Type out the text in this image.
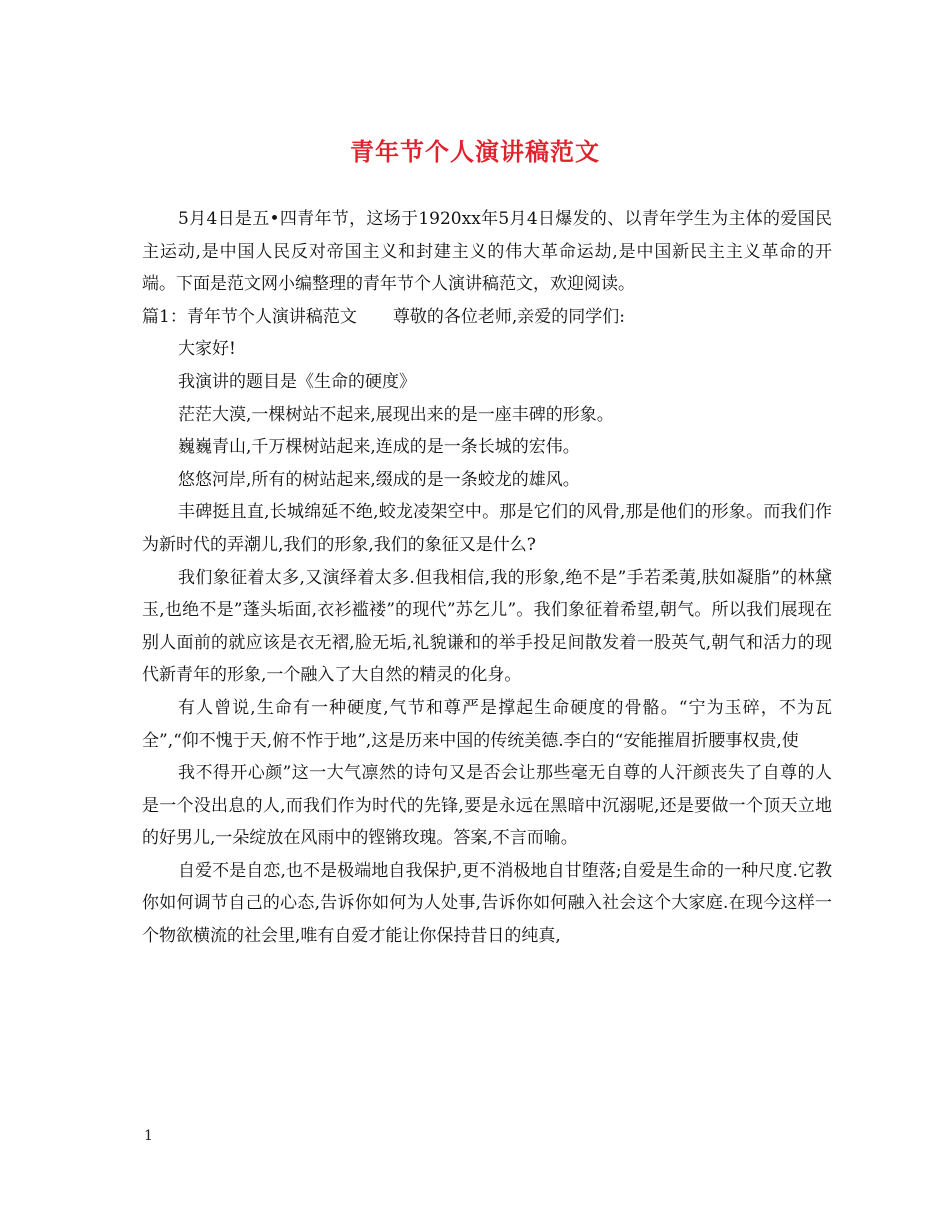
青年节个人演讲稿范文

5月4日是五•四青年节，这场于1920xx年5月4日爆发的、以青年学生为主体的爱国民主运动,是中国人民反对帝国主义和封建主义的伟大革命运劫,是中国新民主主义革命的开端。下面是范文网小编整理的青年节个人演讲稿范文，欢迎阅读。

篇1：青年节个人演讲稿范文 尊敬的各位老师,亲爱的同学们:

大家好!

我演讲的题目是《生命的硬度》

茫茫大漠,一棵树站不起来,展现出来的是一座丰碑的形象。

巍巍青山,千万棵树站起来,连成的是一条长城的宏伟。

悠悠河岸,所有的树站起来,缀成的是一条蛟龙的雄风。

丰碑挺且直,长城绵延不绝,蛟龙凌架空中。那是它们的风骨,那是他们的形象。而我们作为新时代的弄潮儿,我们的形象,我们的象征又是什么?

我们象征着太多,又演绎着太多.但我相信,我的形象,绝不是”手若柔荑,肤如凝脂”的林黛玉,也绝不是”蓬头垢面,衣衫褴褛”的现代”苏乞儿”。我们象征着希望,朝气。所以我们展现在别人面前的就应该是衣无褶,脸无垢,礼貌谦和的举手投足间散发着一股英气,朝气和活力的现代新青年的形象,一个融入了大自然的精灵的化身。

有人曾说,生命有一种硬度,气节和尊严是撑起生命硬度的骨骼。“宁为玉碎，不为瓦全”,“仰不愧于天,俯不怍于地”,这是历来中国的传统美德.李白的“安能摧眉折腰事权贵,使

我不得开心颜”这一大气凛然的诗句又是否会让那些毫无自尊的人汗颜丧失了自尊的人是一个没出息的人,而我们作为时代的先锋,要是永远在黑暗中沉溺呢,还是要做一个顶天立地的好男儿,一朵绽放在风雨中的铿锵玫瑰。答案,不言而喻。

自爱不是自恋,也不是极端地自我保护,更不消极地自甘堕落;自爱是生命的一种尺度.它教你如何调节自己的心态,告诉你如何为人处事,告诉你如何融入社会这个大家庭.在现今这样一个物欲横流的社会里,唯有自爱才能让你保持昔日的纯真,

1
